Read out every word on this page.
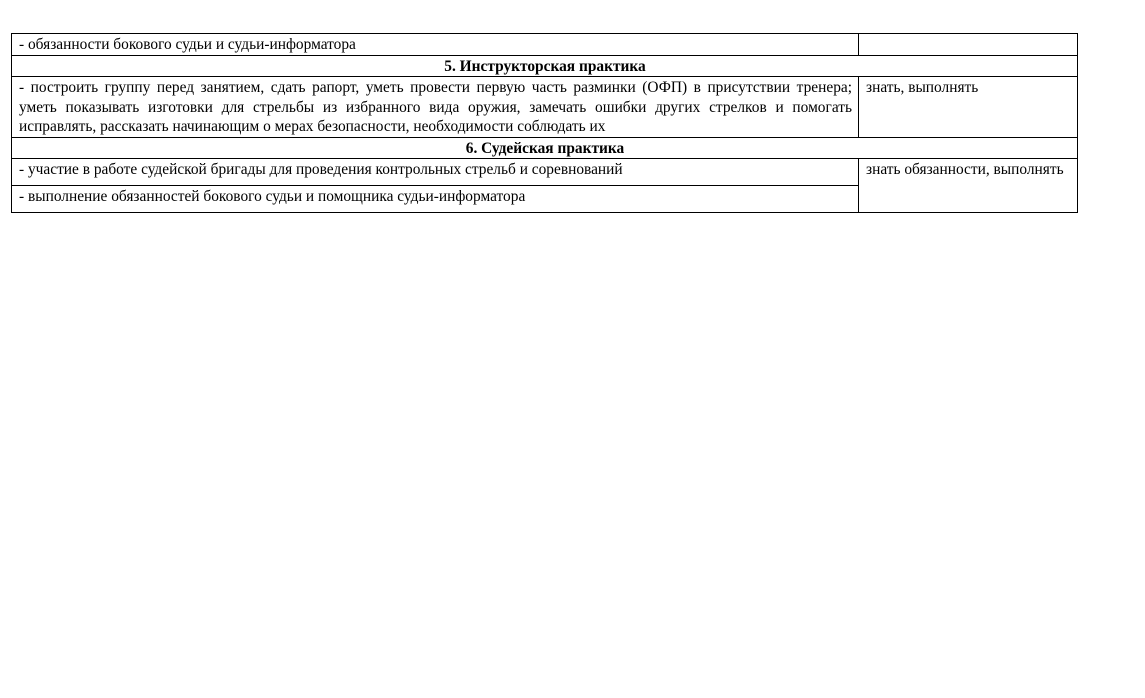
- обязанности бокового судьи и судьи-информатора	
5. Инструкторская практика	
- построить группу перед занятием, сдать рапорт, уметь провести первую часть разминки (ОФП) в присутствии тренера; уметь показывать изготовки для стрельбы из избранного вида оружия, замечать ошибки других стрелков и помогать исправлять, рассказать начинающим о мерах безопасности, необходимости соблюдать их	знать, выполнять
6. Судейская практика	
- участие в работе судейской бригады для проведения контрольных стрельб и соревнований	знать обязанности, выполнять
- выполнение обязанностей бокового судьи и помощника судьи-информатора	
